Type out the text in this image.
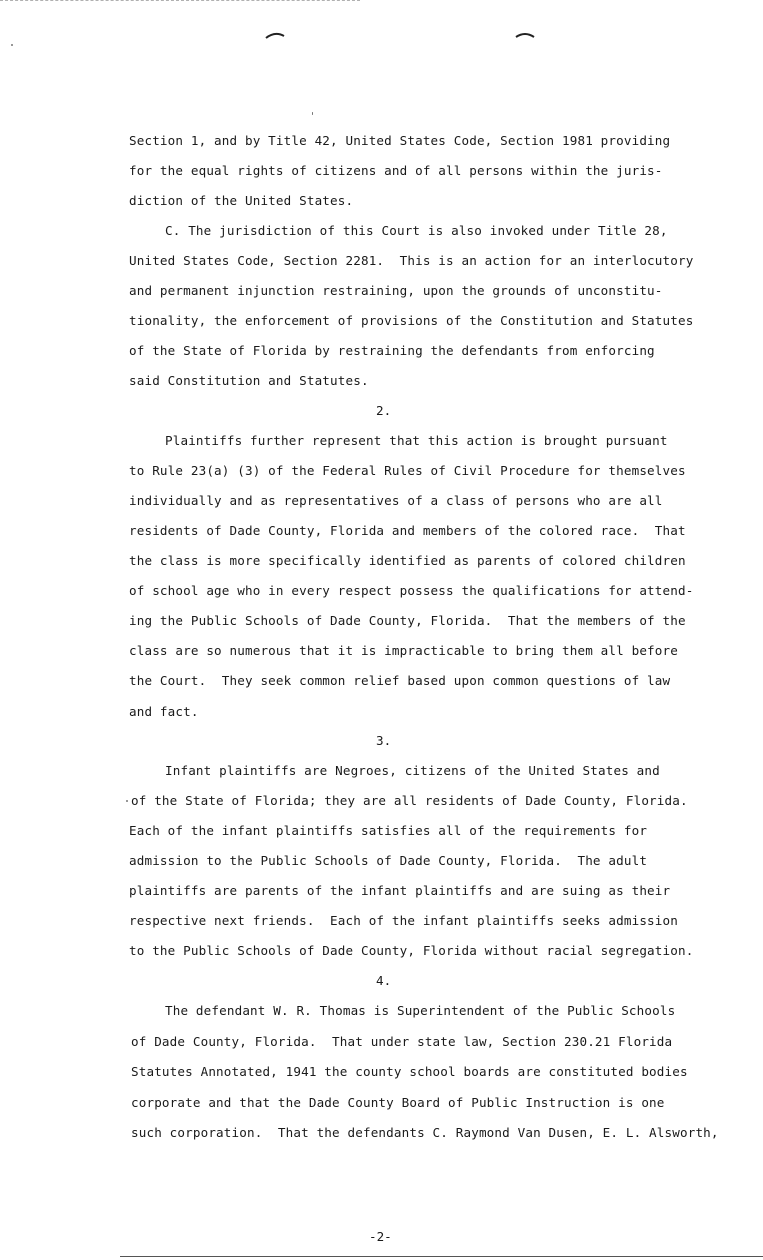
Section 1, and by Title 42, United States Code, Section 1981 providing
for the equal rights of citizens and of all persons within the juris-
diction of the United States.
C. The jurisdiction of this Court is also invoked under Title 28,
United States Code, Section 2281.  This is an action for an interlocutory
and permanent injunction restraining, upon the grounds of unconstitu-
tionality, the enforcement of provisions of the Constitution and Statutes
of the State of Florida by restraining the defendants from enforcing
said Constitution and Statutes.
2.
Plaintiffs further represent that this action is brought pursuant
to Rule 23(a) (3) of the Federal Rules of Civil Procedure for themselves
individually and as representatives of a class of persons who are all
residents of Dade County, Florida and members of the colored race.  That
the class is more specifically identified as parents of colored children
of school age who in every respect possess the qualifications for attend-
ing the Public Schools of Dade County, Florida.  That the members of the
class are so numerous that it is impracticable to bring them all before
the Court.  They seek common relief based upon common questions of law
and fact.
3.
Infant plaintiffs are Negroes, citizens of the United States and
of the State of Florida; they are all residents of Dade County, Florida.
Each of the infant plaintiffs satisfies all of the requirements for
admission to the Public Schools of Dade County, Florida.  The adult
plaintiffs are parents of the infant plaintiffs and are suing as their
respective next friends.  Each of the infant plaintiffs seeks admission
to the Public Schools of Dade County, Florida without racial segregation.
4.
The defendant W. R. Thomas is Superintendent of the Public Schools
of Dade County, Florida.  That under state law, Section 230.21 Florida
Statutes Annotated, 1941 the county school boards are constituted bodies
corporate and that the Dade County Board of Public Instruction is one
such corporation.  That the defendants C. Raymond Van Dusen, E. L. Alsworth,
-2-
